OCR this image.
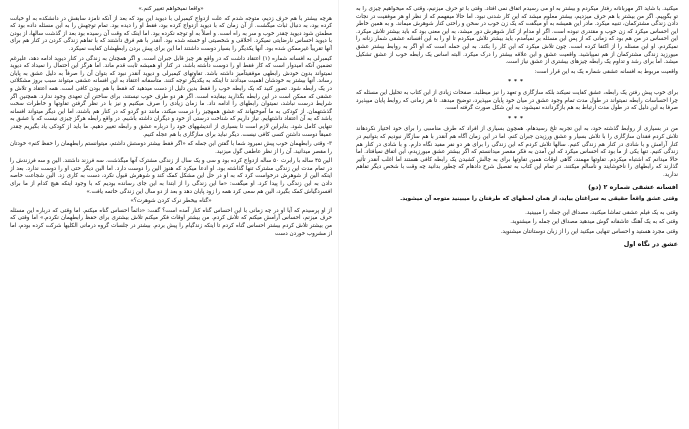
میکنید. با شاید اگر مهربانانه رفتار میکردم و بیشتر به او می رسیدم اتفاق نمی افتاد. وقتی با تو حرف میزنیم، وقتی که میخواهیم چیزی را به تو بگوییم. اگر من بیشتر با هم حرف میزدیم، بیشتر معلوم میشد که این کار شدنی نبود. اما حالا میفهمم که از نظر او هر موفقیت در نجات دادن زندگی مشترکمان، تنبیه میکرد. مادر این همیشه به او میگفت که یک زن خوب در سخن و راحتی کنار شوهرش میماند. و به همین خاطر این احساس میکرد که زن خوب و مقتدری نبوده است. اگر او مدام از کنار شوهرش دور میشد، به این معنی بود که باید بیشتر تلاش میکرد. این احساس در من هم بود که زمانی که از پس این مسئله بر نمیآمدم، باید بیشتر تلاش میکردم تا او را به این افسانه عشقی شمار زنانه را نمیکردم. او این مسئله را از اکتفا کرده است. چون تلاش میکرد که این کار را بکند. به این حمله است که او اگر به روابط بیشتر عشق میورزید زندگی مشترکمان از هم نمیپاشید. واقعیت عشق و این علاقه بیشتر را درک میکرد. البته اساس یک رابطه خوب از عشق تشکیل میشد. اما برای رشد و تداوم یک رابطه چیزهای بیشتری از عشق نیاز است.

واقعیت مربوط به افسانه عشقی شماره یک به این قرار است:

***

برای خوب پیش رفتن یک رابطه، عشق کفایت نمیکند بلکه سازگاری و تعهد را نیز میطلبد. صفحات زیادی از این کتاب به تحلیل این مسئله که چرا احساسات رابطه نمیتواند در طول مدت تمام وجود عشق در میان خود پایان میپذیرد، توضیح میدهد. تا هر زمانی که روابط پایان میپذیرد صرفا به این دلیل که در طول مدت ارتباط به هم بازگردانده نمیشود، به این شکل صورت گرفته است.

***

من در بسیاری از روابط گذشته خود، به این تجربه تلخ رسیدهام. همچون بسیاری از افراد که طرف مناسبی را برای خود اختیار نکردهاند تلاش کردم فقدان سازگاری را با تلاش بسیار و عشق ورزیدن جبران کنم. اما در این زمان آگاه هم آنقدر با هم سازگار نبودیم که بتوانیم در کنار آرامش و با شادی در کنار هم زندگی کنیم. سالها تلاش کردم که این زندگی را برای هر دو نفر مفید نگاه دارم. و با شادی در کنار هم زندگی کنیم. تنها یکی از ما بود که احساس میکرد که این آمدن به فکر مقصر میدانستم که اگر بیشتر عشق میورزیدم، این اتفاق نمیافتاد. اما حالا میدانم که اشتباه میکردم. تفاوتها مهمند، گاهی اوقات همین تفاوتها برای به چالش کشیدن یک رابطه کافی هستند اما اغلب آنقدر تأثیر گذارند که رابطهای را ناخوشایند و ناسالم میکنند. در تمام این کتاب به تفصیل شرح دادهام که چطور بدانید چه وقت با شخص دیگر تفاهم ندارید.

افسانه عشقی شماره ۲ (دو)

وقتی عشق واقعاً حقیقی به سراغتان بیاید، از همان لحظهای که طرفتان را میبینید متوجه آن میشوید.

وقتی به یک فیلم عشقی تماشا میکنید، مصداق این جمله را میبینید.

وقتی که به یک آهنگ عاشقانه گوش میدهید مصداق این جمله را میشنوید.

وقتی مجرد هستید و احساس تنهایی میکنید این را از زبان دوستانتان میشنوید.

عشق در نگاه اول

«واقعاً نمیخواهم تغییر کنم.»

هرچه بیشتر با هم حرف زدیم، متوجه شدم که علت ازدواج کیمبرلی با دیوید این بود که بعد از آنکه نامزد سابقش در دانشکده به او خیانت کرده بود، به دنبال ثبات میگشت. از آن زمان که با دیوید ازدواج کرده بود، فقط او را دیده بود. تمام توجهش را به این مسئله داده بود که مطمئن شود دیوید چقدر خوب و سر به راه است. و اصلاً به او توجه نکرده بود. اما اینک که وقت آن رسیده بود بعد از گذشت سالها، از بودن با دیوید احساس نارضایتی نمیکرد. اخلاقی و شخصیتی او خسته شده بود. آنقدر با هم فرق داشتند که با تفاهم زندگی کردن در کنار هم برای آنها تقریباً غیرممکن شده بود. آنها یکدیگر را بسیار دوست داشتند اما این برای پیش بردن رابطهشان کفایت نمیکرد.

کیمبرلی به افسانه شماره (۱) اعتقاد داشت که در واقع هر چیز قابل جبران است. و اگر همچنان به زندگی در کنار دیوید ادامه دهد، علیرغم تضمین آنکه امیدوار است که کار فقط او را دوست داشته باشد، در کنار او همیشه ثابت قدم ماند. اما هرگز این احتمال را نمیداد که دیوید نمیتواند بدون خودش رابطهی موفقیتآمیز داشته باشد. تفاوتهای کیمبرلی و دیوید آنقدر نبود که بتوان آن را صرفاً به دلیل عشق به پایان رساند. آنها بیشتر به خودشان اهمیت میدادند تا اینکه به یکدیگر توجه کنند. متأسفانه اعتقاد به این افسانه عشقی میتواند سبب بروز مشکلاتی در یک رابطه شود. تصور کنید که یک رابطه خوب را فقط بدین دلیل از دست میدهید که فقط با هم بودن کافی است. همه اعتقاد و تلاش و عشقی که ممکن است در این رابطه بگذارید بیفایده است. اگر هر دو طرف خوب نیستند، برای ساختن آن تعهدی وجود ندارد. همچنین اگر شرایط درست نباشد، نمیتوان رابطهای را ادامه داد. ما زمان زیادی را صرف میکنیم و نیز با در نظر گرفتن تفاوتها و خاطرات سخت گذشتهمان. از کودکی به ما آموختهاند که عشق همهچیز را درست میکند، مانند دو گردو که در کنار هم باشند، اما این دیگر میتواند افسانه باشد که به آن اعتقاد داشتهایم. نیاز داریم که شناخت درستی از خود و دیگران داشته باشیم. در واقع رابطه هرگز چیزی نیست که با عشق به تنهایی کامل شود. بنابراین لازم است تا بسیاری از اندیشههای خود را درباره عشق و رابطه تغییر دهیم. ما باید از کودکی یاد بگیریم چقدر عمیقاً دوست داشتن کسی کافی نیست. دیگر نباید برای سازگاری با هم عجله کنیم.

۳- وقتی رابطهمان خوب پیش نمیرود شما با گفتن این جمله که «اگر فقط بیشتر دوستش داشتم، میتوانستم رابطهمان را حفظ کنم» خودتان را مقصر میدانید. آن را از نظر عاطفی گول میزنید.

الین ۴۵ ساله با رابرت ۵۰ ساله ازدواج کرده بود و سی و یک سال از زندگی مشترک آنها میگذشت. سه فرزند داشتند. الین و سه فرزندش را در تمام مدت این زندگی مشترک تنها گذاشته بود. او ادعا میکرد که هنوز الین را دوست دارد. اما الین دیگر حتی او را دوست ندارد. بعد از اینکه الین از شوهرش درخواست کرد که به او در حل این مشکل کمک کند و شوهرش قبول نکرد، دست به کاری زد. الین شجاعت خاصه دادن به این زندگی را پیدا کرد. او میگفت: «ما این زندگی را از ابتدا به این جای رسانده بودیم که با وجود اینکه هیچ کدام از ما برای افسردگیاش کمک بگیرد، الین هم سعی کرد همه را زود پایان دهد و بعد از دو سال این زندگی خاتمه یافت.»

«گناه بیخطر نرک کردن شوهرت؟»

از او پرسیدم که آیا او در چه زمانی با این احساس گناه کنار آمده است؟ گفت: «دائماً احساس گناه میکنم. اما وقتی که درباره این مسئله حرف میزنم، احساس آرامش میکنم که تلاش کردم. من بیشتر اوقات فکر میکنم تلاش بیشتری برای حفظ رابطهمان نکردم.» اما وقتی که من بیشتر تلاش کردم بیشتر احساس گناه کردم تا اینکه زندگیام را پیش بردم. بیشتر در جلسات گروه درمانی الکلیها شرکت کرده بودم، اما از مشروب خوردن دست
